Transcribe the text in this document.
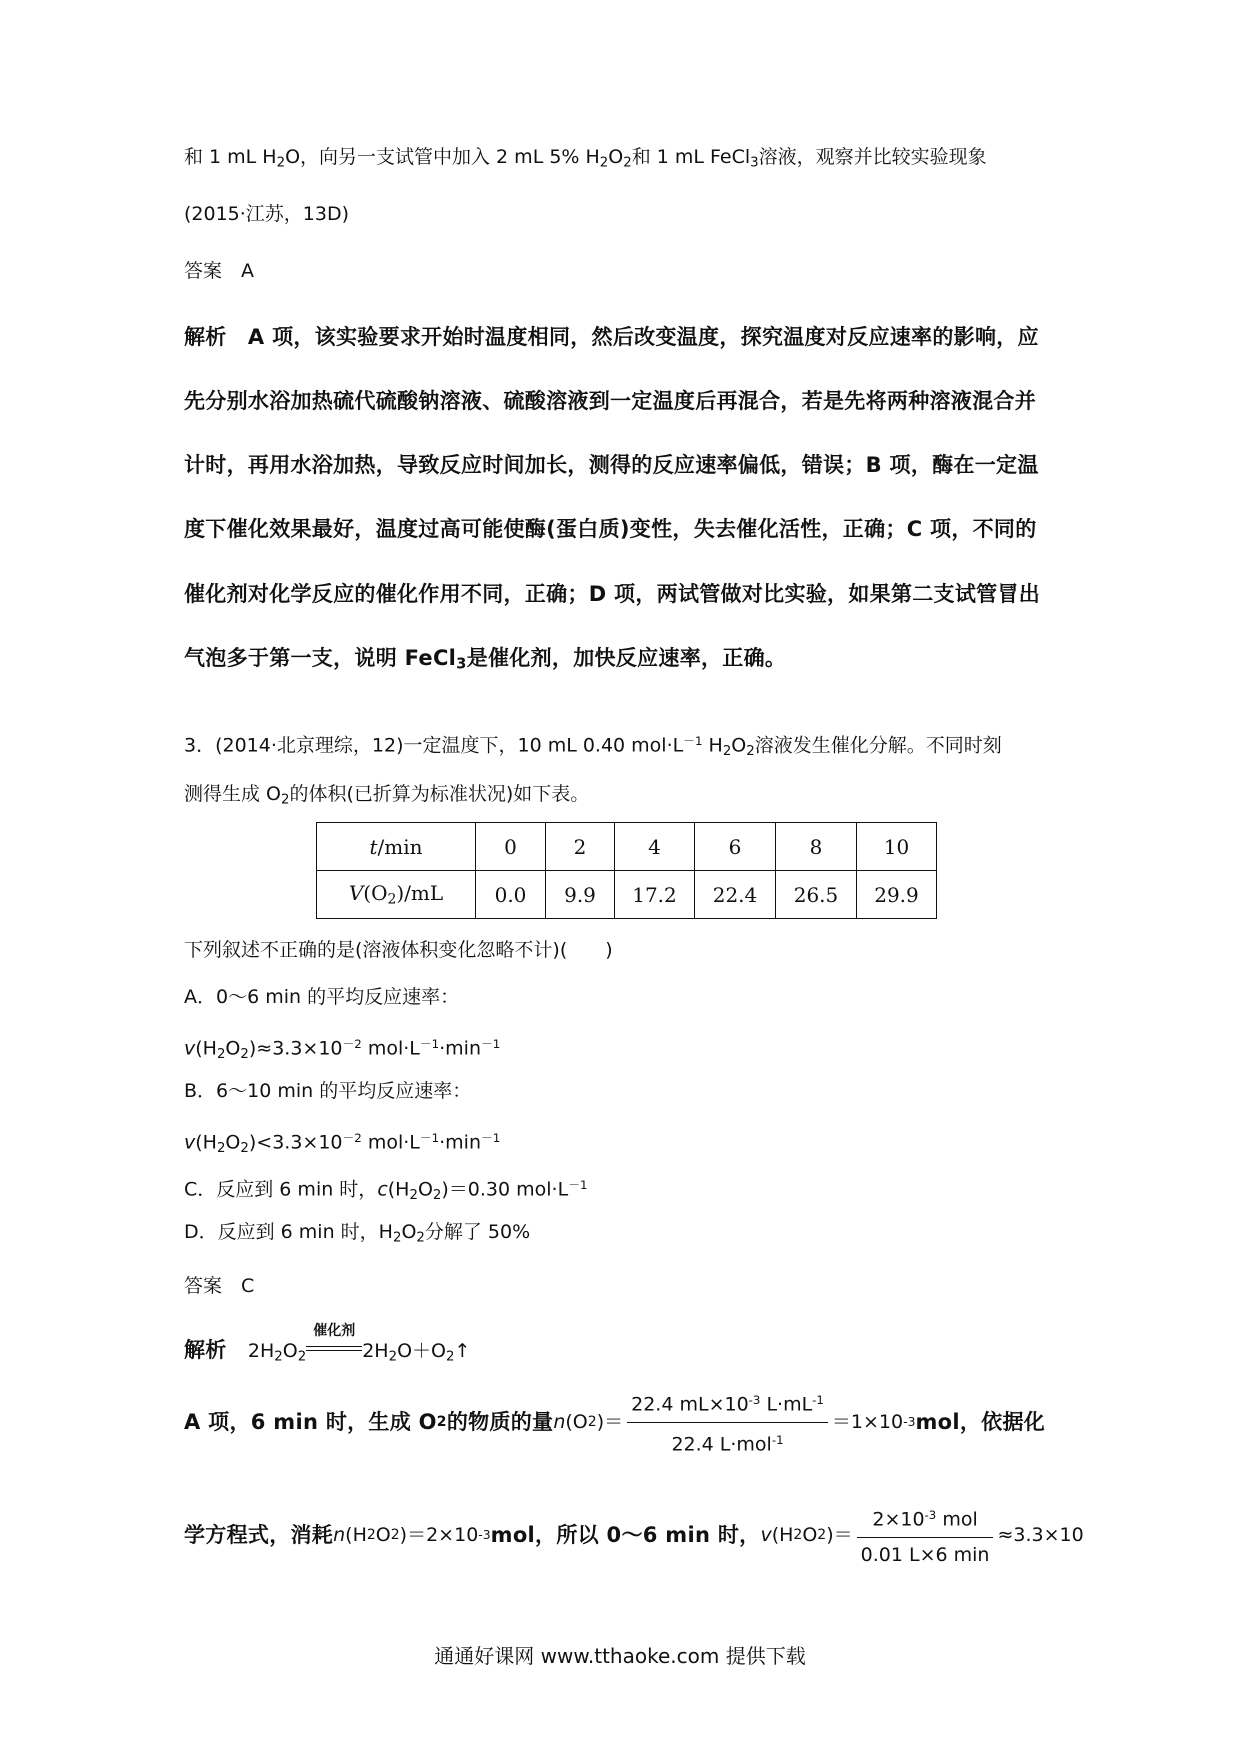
和 1 mL $H_2O$，向另一支试管中加入 2 mL 5% $H_2O_2$和 1 mL FeCl$_3$溶液，观察并比较实验现象
(2015·江苏，13D)
答案　A
解析　A 项，该实验要求开始时温度相同，然后改变温度，探究温度对反应速率的影响，应
先分别水浴加热硫代硫酸钠溶液、硫酸溶液到一定温度后再混合，若是先将两种溶液混合并
计时，再用水浴加热，导致反应时间加长，测得的反应速率偏低，错误；B 项，酶在一定温
度下催化效果最好，温度过高可能使酶(蛋白质)变性，失去催化活性，正确；C 项，不同的
催化剂对化学反应的催化作用不同，正确；D 项，两试管做对比实验，如果第二支试管冒出
气泡多于第一支，说明 FeCl$_3$是催化剂，加快反应速率，正确。
3．(2014·北京理综，12)一定温度下，10 mL 0.40 $mol\cdot L^{-1}$ $H_2O_2$溶液发生催化分解。不同时刻
测得生成 $O_2$的体积(已折算为标准状况)如下表。
t/min	0	2	4	6	8	10
$V(O_2)/mL$	0.0	9.9	17.2	22.4	26.5	29.9
下列叙述不正确的是(溶液体积变化忽略不计)(　　)
A．0～6 min 的平均反应速率：
$v(H_2O_2)\approx 3.3\times 10^{-2}$ $mol\cdot L^{-1}\cdot\min^{-1}$
B．6～10 min 的平均反应速率：
$v(H_2O_2)<3.3\times 10^{-2}$ $mol\cdot L^{-1}\cdot\min^{-1}$
C．反应到 6 min 时，$c(H_2O_2)=0.30$ $mol\cdot L^{-1}$
D．反应到 6 min 时，$H_2O_2$分解了 50%
答案　C
解析　$2H_2O_2$
催化剂
$2H_2O+O_2↑$
A 项，6 min 时，生成 O 2 的物质的量 n (O 2 ) ＝ $\frac{22.4 mL\times 10^{-3} L\cdot mL^{-1}}{22.4 L\cdot mol^{-1}} =1\times 10$ -3 mol，依据化
学方程式，消耗 n (H 2 O 2 ) ＝2×10 -3 mol，所以 0～6 min 时， v (H 2 O 2 ) ＝ $\frac{2\times 10^{-3} mol}{0.01 L\times 6 \min} \approx 3.3\times 10$
通通好课网 www.tthaoke.com 提供下载
